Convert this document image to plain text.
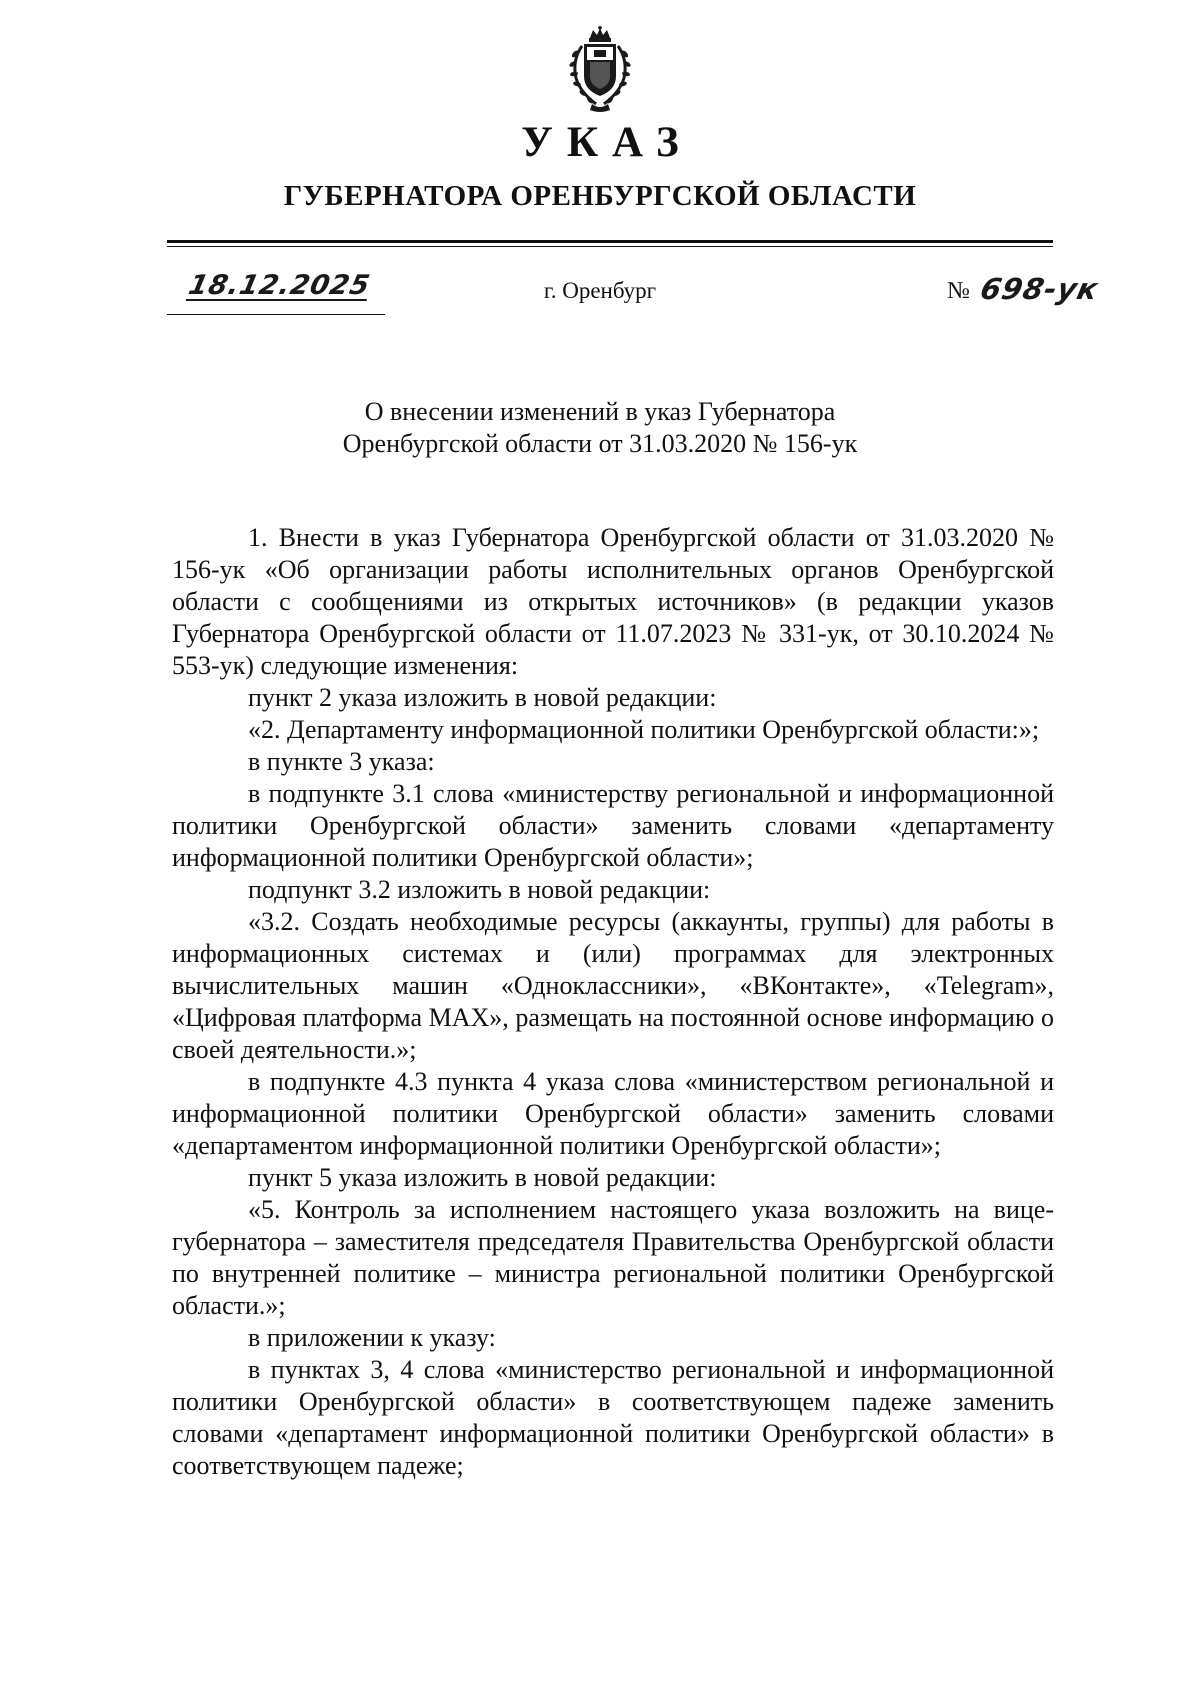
УКАЗ
ГУБЕРНАТОРА ОРЕНБУРГСКОЙ ОБЛАСТИ
18.12.2025	г. Оренбург	№ 698-ук
О внесении изменений в указ Губернатора
Оренбургской области от 31.03.2020 № 156-ук

1. Внести в указ Губернатора Оренбургской области от 31.03.2020 № 156-ук «Об организации работы исполнительных органов Оренбургской области с сообщениями из открытых источников» (в редакции указов Губернатора Оренбургской области от 11.07.2023 № 331-ук, от 30.10.2024 № 553-ук) следующие изменения:

пункт 2 указа изложить в новой редакции:

«2. Департаменту информационной политики Оренбургской области:»;

в пункте 3 указа:

в подпункте 3.1 слова «министерству региональной и информационной политики Оренбургской области» заменить словами «департаменту информационной политики Оренбургской области»;

подпункт 3.2 изложить в новой редакции:

«3.2. Создать необходимые ресурсы (аккаунты, группы) для работы в информационных системах и (или) программах для электронных вычислительных машин «Одноклассники», «ВКонтакте», «Telegram», «Цифровая платформа MAX», размещать на постоянной основе информацию о своей деятельности.»;

в подпункте 4.3 пункта 4 указа слова «министерством региональной и информационной политики Оренбургской области» заменить словами «департаментом информационной политики Оренбургской области»;

пункт 5 указа изложить в новой редакции:

«5. Контроль за исполнением настоящего указа возложить на вице-губернатора – заместителя председателя Правительства Оренбургской области по внутренней политике – министра региональной политики Оренбургской области.»;

в приложении к указу:

в пунктах 3, 4 слова «министерство региональной и информационной политики Оренбургской области» в соответствующем падеже заменить словами «департамент информационной политики Оренбургской области» в соответствующем падеже;
